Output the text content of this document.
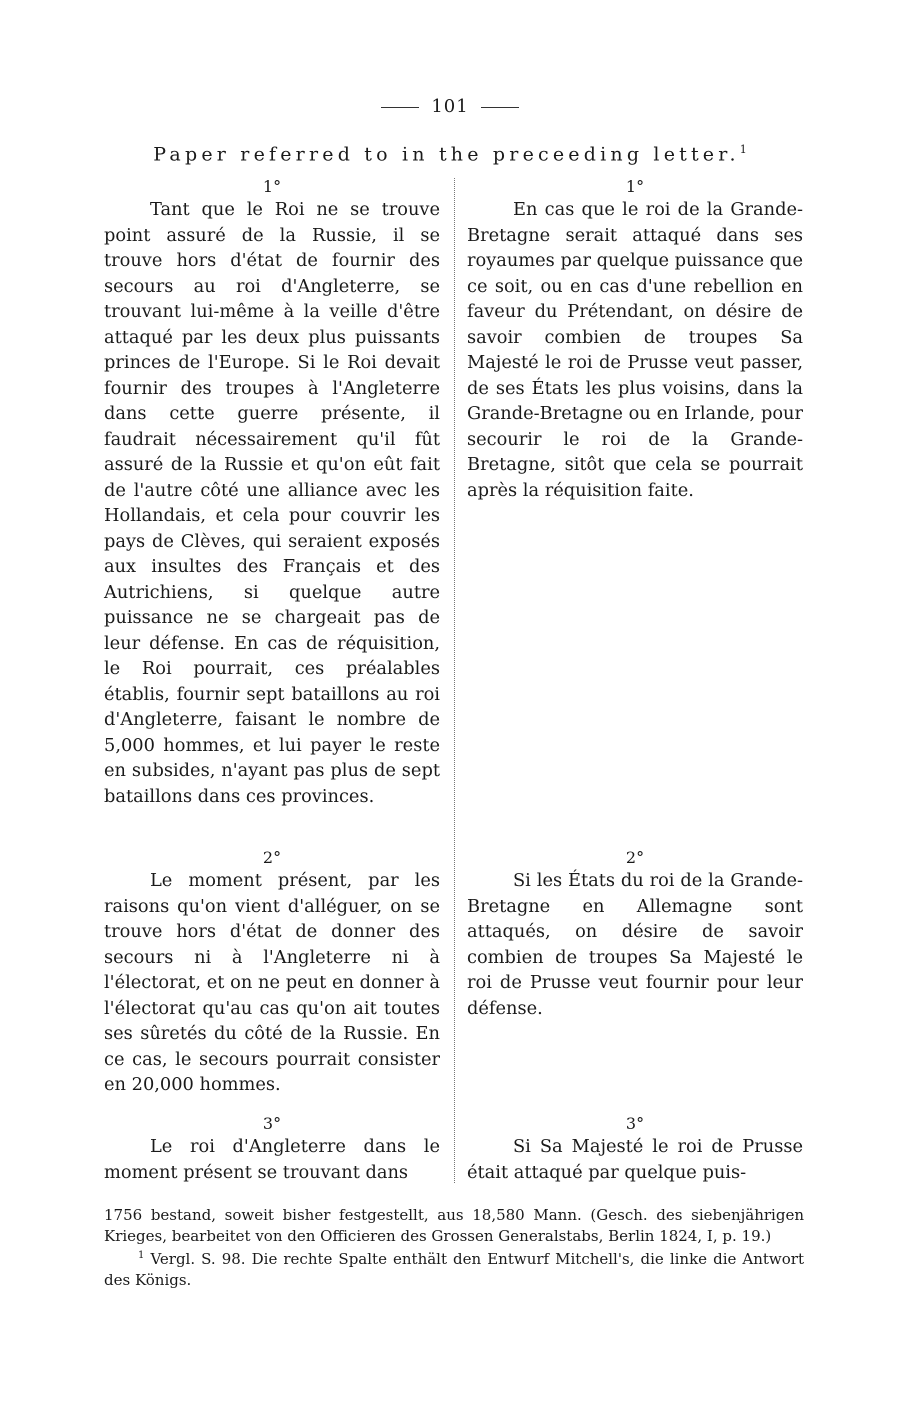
101
Paper referred to in the preceeding letter.$^1$
1°

Tant que le Roi ne se trouve point assuré de la Russie, il se trouve hors d'état de fournir des secours au roi d'Angleterre, se trouvant lui-même à la veille d'être attaqué par les deux plus puissants princes de l'Europe. Si le Roi devait fournir des troupes à l'Angleterre dans cette guerre présente, il faudrait nécessairement qu'il fût assuré de la Russie et qu'on eût fait de l'autre côté une alliance avec les Hollandais, et cela pour couvrir les pays de Clèves, qui seraient exposés aux insultes des Français et des Autrichiens, si quelque autre puissance ne se chargeait pas de leur défense. En cas de réquisition, le Roi pourrait, ces préalables établis, fournir sept bataillons au roi d'Angleterre, faisant le nombre de 5,000 hommes, et lui payer le reste en subsides, n'ayant pas plus de sept bataillons dans ces provinces.

2°

Le moment présent, par les raisons qu'on vient d'alléguer, on se trouve hors d'état de donner des secours ni à l'Angleterre ni à l'électorat, et on ne peut en donner à l'électorat qu'au cas qu'on ait toutes ses sûretés du côté de la Russie. En ce cas, le secours pourrait consister en 20,000 hommes.

3°

Le roi d'Angleterre dans le moment présent se trouvant dans

1°

En cas que le roi de la Grande-Bretagne serait attaqué dans ses royaumes par quelque puissance que ce soit, ou en cas d'une rebellion en faveur du Prétendant, on désire de savoir combien de troupes Sa Majesté le roi de Prusse veut passer, de ses États les plus voisins, dans la Grande-Bretagne ou en Irlande, pour secourir le roi de la Grande-Bretagne, sitôt que cela se pourrait après la réquisition faite.

2°

Si les États du roi de la Grande-Bretagne en Allemagne sont attaqués, on désire de savoir combien de troupes Sa Majesté le roi de Prusse veut fournir pour leur défense.

3°

Si Sa Majesté le roi de Prusse était attaqué par quelque puis-

1756 bestand, soweit bisher festgestellt, aus 18,580 Mann. (Gesch. des siebenjährigen Krieges, bearbeitet von den Officieren des Grossen Generalstabs, Berlin 1824, I, p. 19.)

$^1$ Vergl. S. 98. Die rechte Spalte enthält den Entwurf Mitchell's, die linke die Antwort des Königs.
